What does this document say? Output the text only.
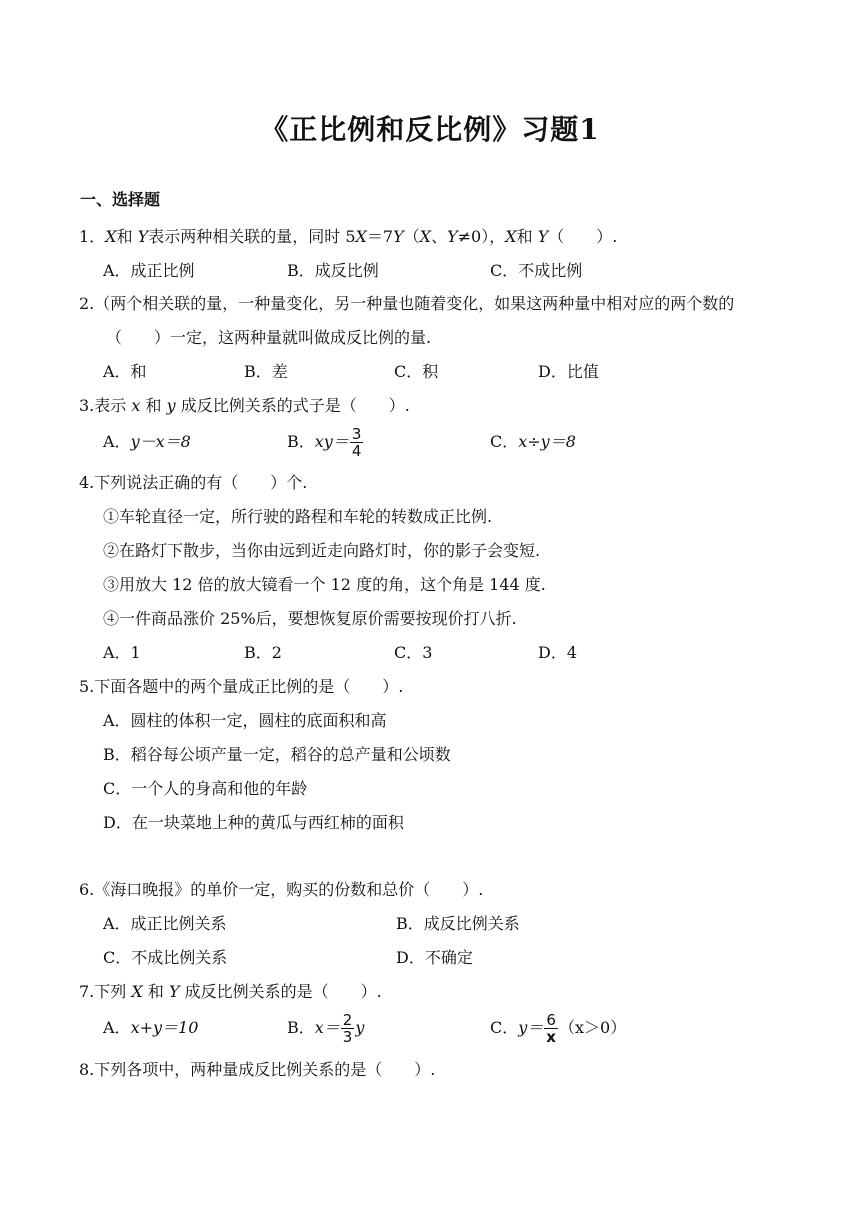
《正比例和反比例》习题1
一、选择题
1．X和 Y表示两种相关联的量，同时 5X＝7Y（X、Y≠0），X和 Y（　　）.
A．成正比例	B．成反比例	C．不成比例
2.（两个相关联的量，一种量变化，另一种量也随着变化，如果这两种量中相对应的两个数的
（　　）一定，这两种量就叫做成反比例的量.
A．和	B．差	C．积	D．比值
3.表示 x 和 y 成反比例关系的式子是（　　）.
A．y－x＝8	B．$xy= \frac{3}{4}$	C．x÷y＝8
4.下列说法正确的有（　　）个.
①车轮直径一定，所行驶的路程和车轮的转数成正比例.
②在路灯下散步，当你由远到近走向路灯时，你的影子会变短.
③用放大 12 倍的放大镜看一个 12 度的角，这个角是 144 度.
④一件商品涨价 25%后，要想恢复原价需要按现价打八折.
A．1	B．2	C．3	D．4
5.下面各题中的两个量成正比例的是（　　）.
A．圆柱的体积一定，圆柱的底面积和高
B．稻谷每公顷产量一定，稻谷的总产量和公顷数
C．一个人的身高和他的年龄
D．在一块菜地上种的黄瓜与西红柿的面积
6.《海口晚报》的单价一定，购买的份数和总价（　　）.
A．成正比例关系	B．成反比例关系
C．不成比例关系	D．不确定
7.下列 X 和 Y 成反比例关系的是（　　）.
A．x+y＝10	B．$x= \frac{2}{3}$ y	C．$y= \frac{6}{x} (x>0)$
8.下列各项中，两种量成反比例关系的是（　　）.
